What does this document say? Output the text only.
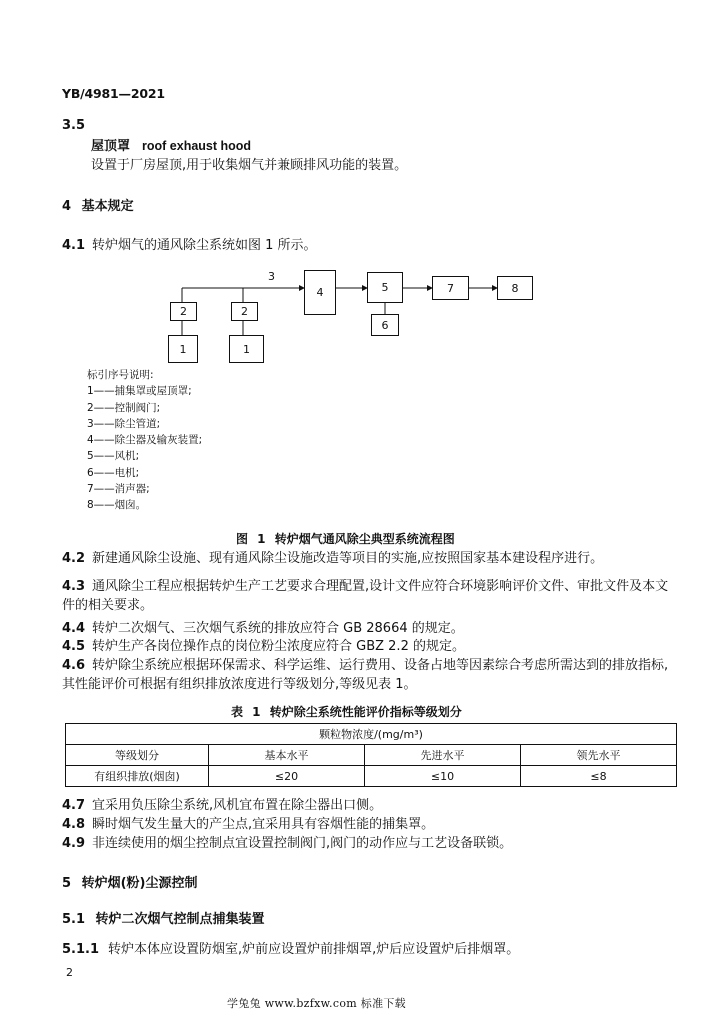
YB/4981—2021
3.5
屋顶罩 roof exhaust hood
设置于厂房屋顶,用于收集烟气并兼顾排风功能的装置。
4 基本规定
4.1 转炉烟气的通风除尘系统如图 1 所示。
3
1	1
2	2
4	5
6
7	8
标引序号说明:
1——捕集罩或屋顶罩;
2——控制阀门;
3——除尘管道;
4——除尘器及输灰装置;
5——风机;
6——电机;
7——消声器;
8——烟囱。
图 1 转炉烟气通风除尘典型系统流程图
4.2 新建通风除尘设施、现有通风除尘设施改造等项目的实施,应按照国家基本建设程序进行。
4.3 通风除尘工程应根据转炉生产工艺要求合理配置,设计文件应符合环境影响评价文件、审批文件及本文件的相关要求。
4.4 转炉二次烟气、三次烟气系统的排放应符合 GB 28664 的规定。
4.5 转炉生产各岗位操作点的岗位粉尘浓度应符合 GBZ 2.2 的规定。
4.6 转炉除尘系统应根据环保需求、科学运维、运行费用、设备占地等因素综合考虑所需达到的排放指标,其性能评价可根据有组织排放浓度进行等级划分,等级见表 1。
表 1 转炉除尘系统性能评价指标等级划分
颗粒物浓度/(mg/m³)			
等级划分	基本水平	先进水平	领先水平
有组织排放(烟囱)	≤20	≤10	≤8
4.7 宜采用负压除尘系统,风机宜布置在除尘器出口侧。
4.8 瞬时烟气发生量大的产尘点,宜采用具有容烟性能的捕集罩。
4.9 非连续使用的烟尘控制点宜设置控制阀门,阀门的动作应与工艺设备联锁。
5 转炉烟(粉)尘源控制
5.1 转炉二次烟气控制点捕集装置
5.1.1 转炉本体应设置防烟室,炉前应设置炉前排烟罩,炉后应设置炉后排烟罩。
2
学兔兔 www.bzfxw.com 标准下载
